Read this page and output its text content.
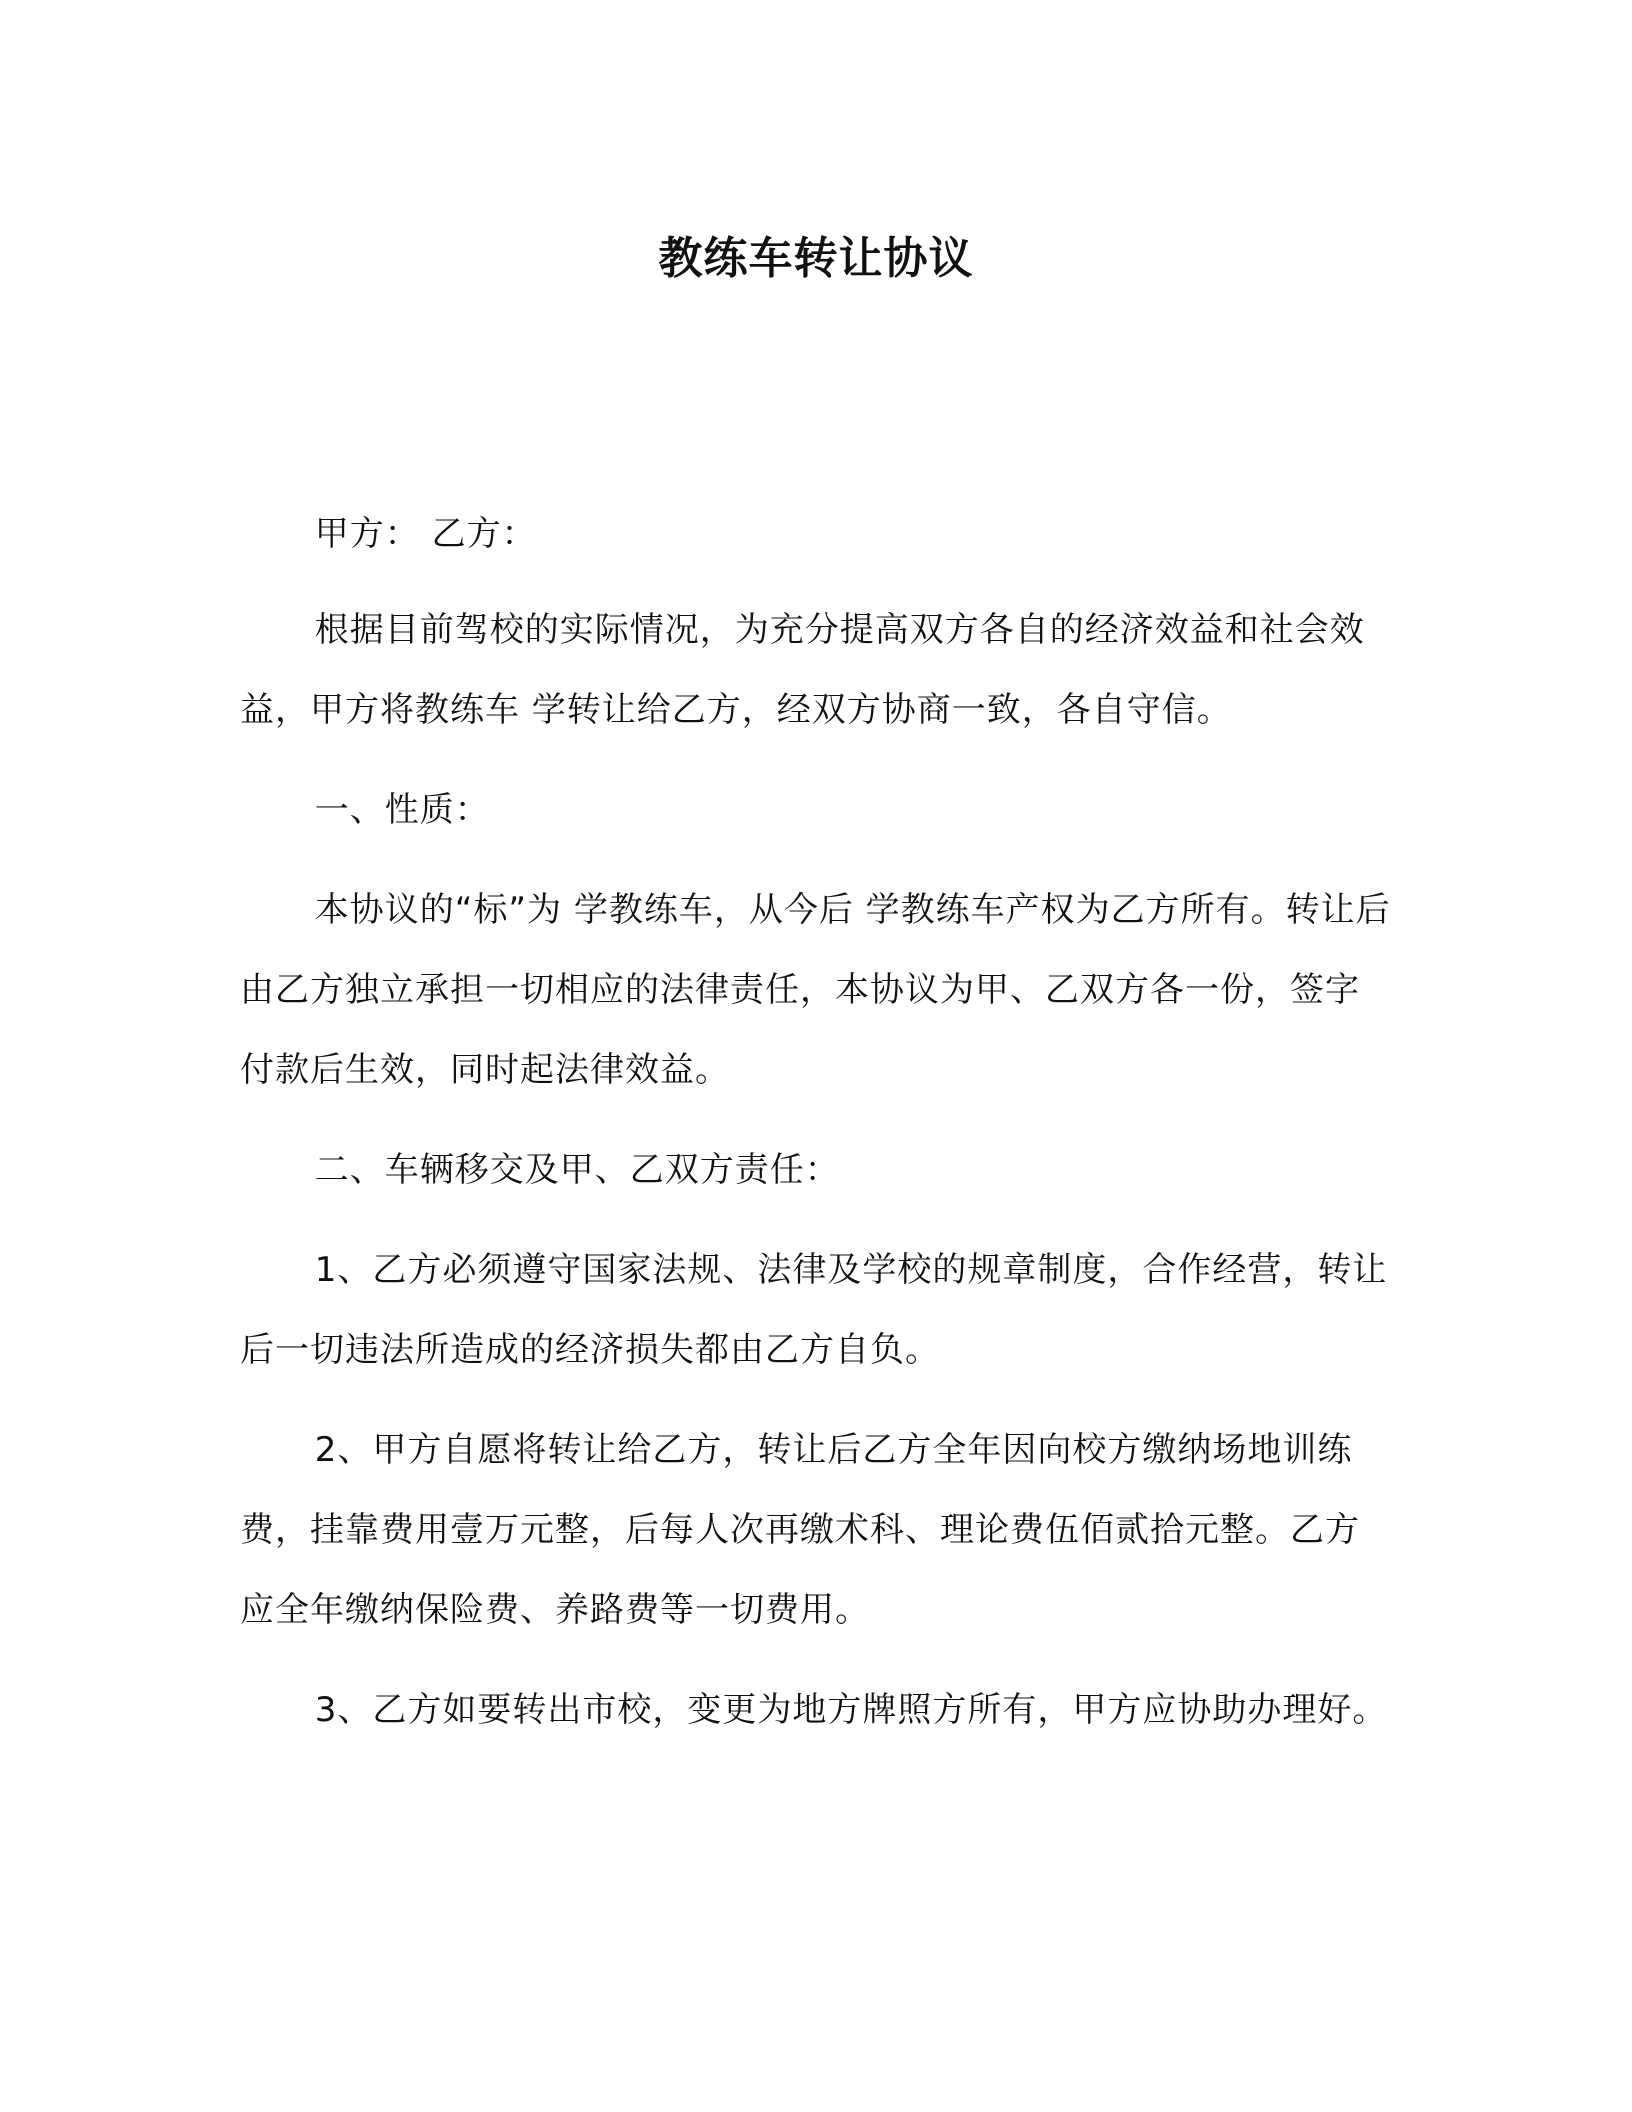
教练车转让协议

甲方： 乙方：

根据目前驾校的实际情况，为充分提高双方各自的经济效益和社会效益，甲方将教练车 学转让给乙方，经双方协商一致，各自守信。

一、性质：

本协议的“标”为 学教练车，从今后 学教练车产权为乙方所有。转让后由乙方独立承担一切相应的法律责任，本协议为甲、乙双方各一份，签字付款后生效，同时起法律效益。

二、车辆移交及甲、乙双方责任：

1、乙方必须遵守国家法规、法律及学校的规章制度，合作经营，转让后一切违法所造成的经济损失都由乙方自负。

2、甲方自愿将转让给乙方，转让后乙方全年因向校方缴纳场地训练费，挂靠费用壹万元整，后每人次再缴术科、理论费伍佰贰拾元整。乙方应全年缴纳保险费、养路费等一切费用。

3、乙方如要转出市校，变更为地方牌照方所有，甲方应协助办理好。
